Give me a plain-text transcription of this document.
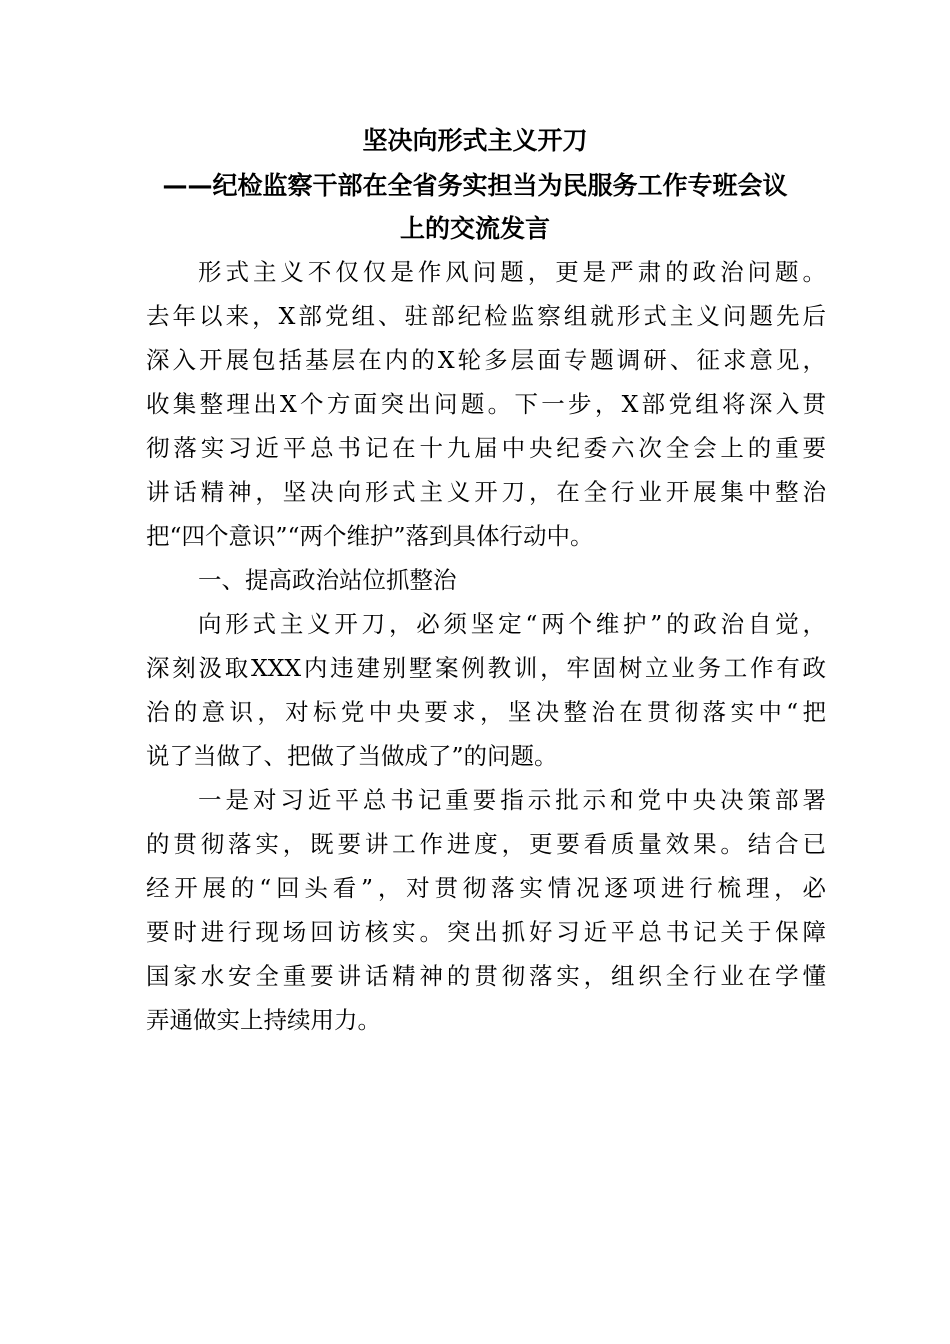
坚决向形式主义开刀
——纪检监察干部在全省务实担当为民服务工作专班会议
上的交流发言
形式主义不仅仅是作风问题，更是严肃的政治问题。
去年以来，X部党组、驻部纪检监察组就形式主义问题先后
深入开展包括基层在内的X轮多层面专题调研、征求意见，
收集整理出X个方面突出问题。下一步，X部党组将深入贯
彻落实习近平总书记在十九届中央纪委六次全会上的重要
讲话精神，坚决向形式主义开刀，在全行业开展集中整治
把“四个意识”“两个维护”落到具体行动中。
一、提高政治站位抓整治
向形式主义开刀，必须坚定“两个维护”的政治自觉，
深刻汲取XXX内违建别墅案例教训，牢固树立业务工作有政
治的意识，对标党中央要求，坚决整治在贯彻落实中“把
说了当做了、把做了当做成了”的问题。
一是对习近平总书记重要指示批示和党中央决策部署
的贯彻落实，既要讲工作进度，更要看质量效果。结合已
经开展的“回头看”，对贯彻落实情况逐项进行梳理，必
要时进行现场回访核实。突出抓好习近平总书记关于保障
国家水安全重要讲话精神的贯彻落实，组织全行业在学懂
弄通做实上持续用力。
